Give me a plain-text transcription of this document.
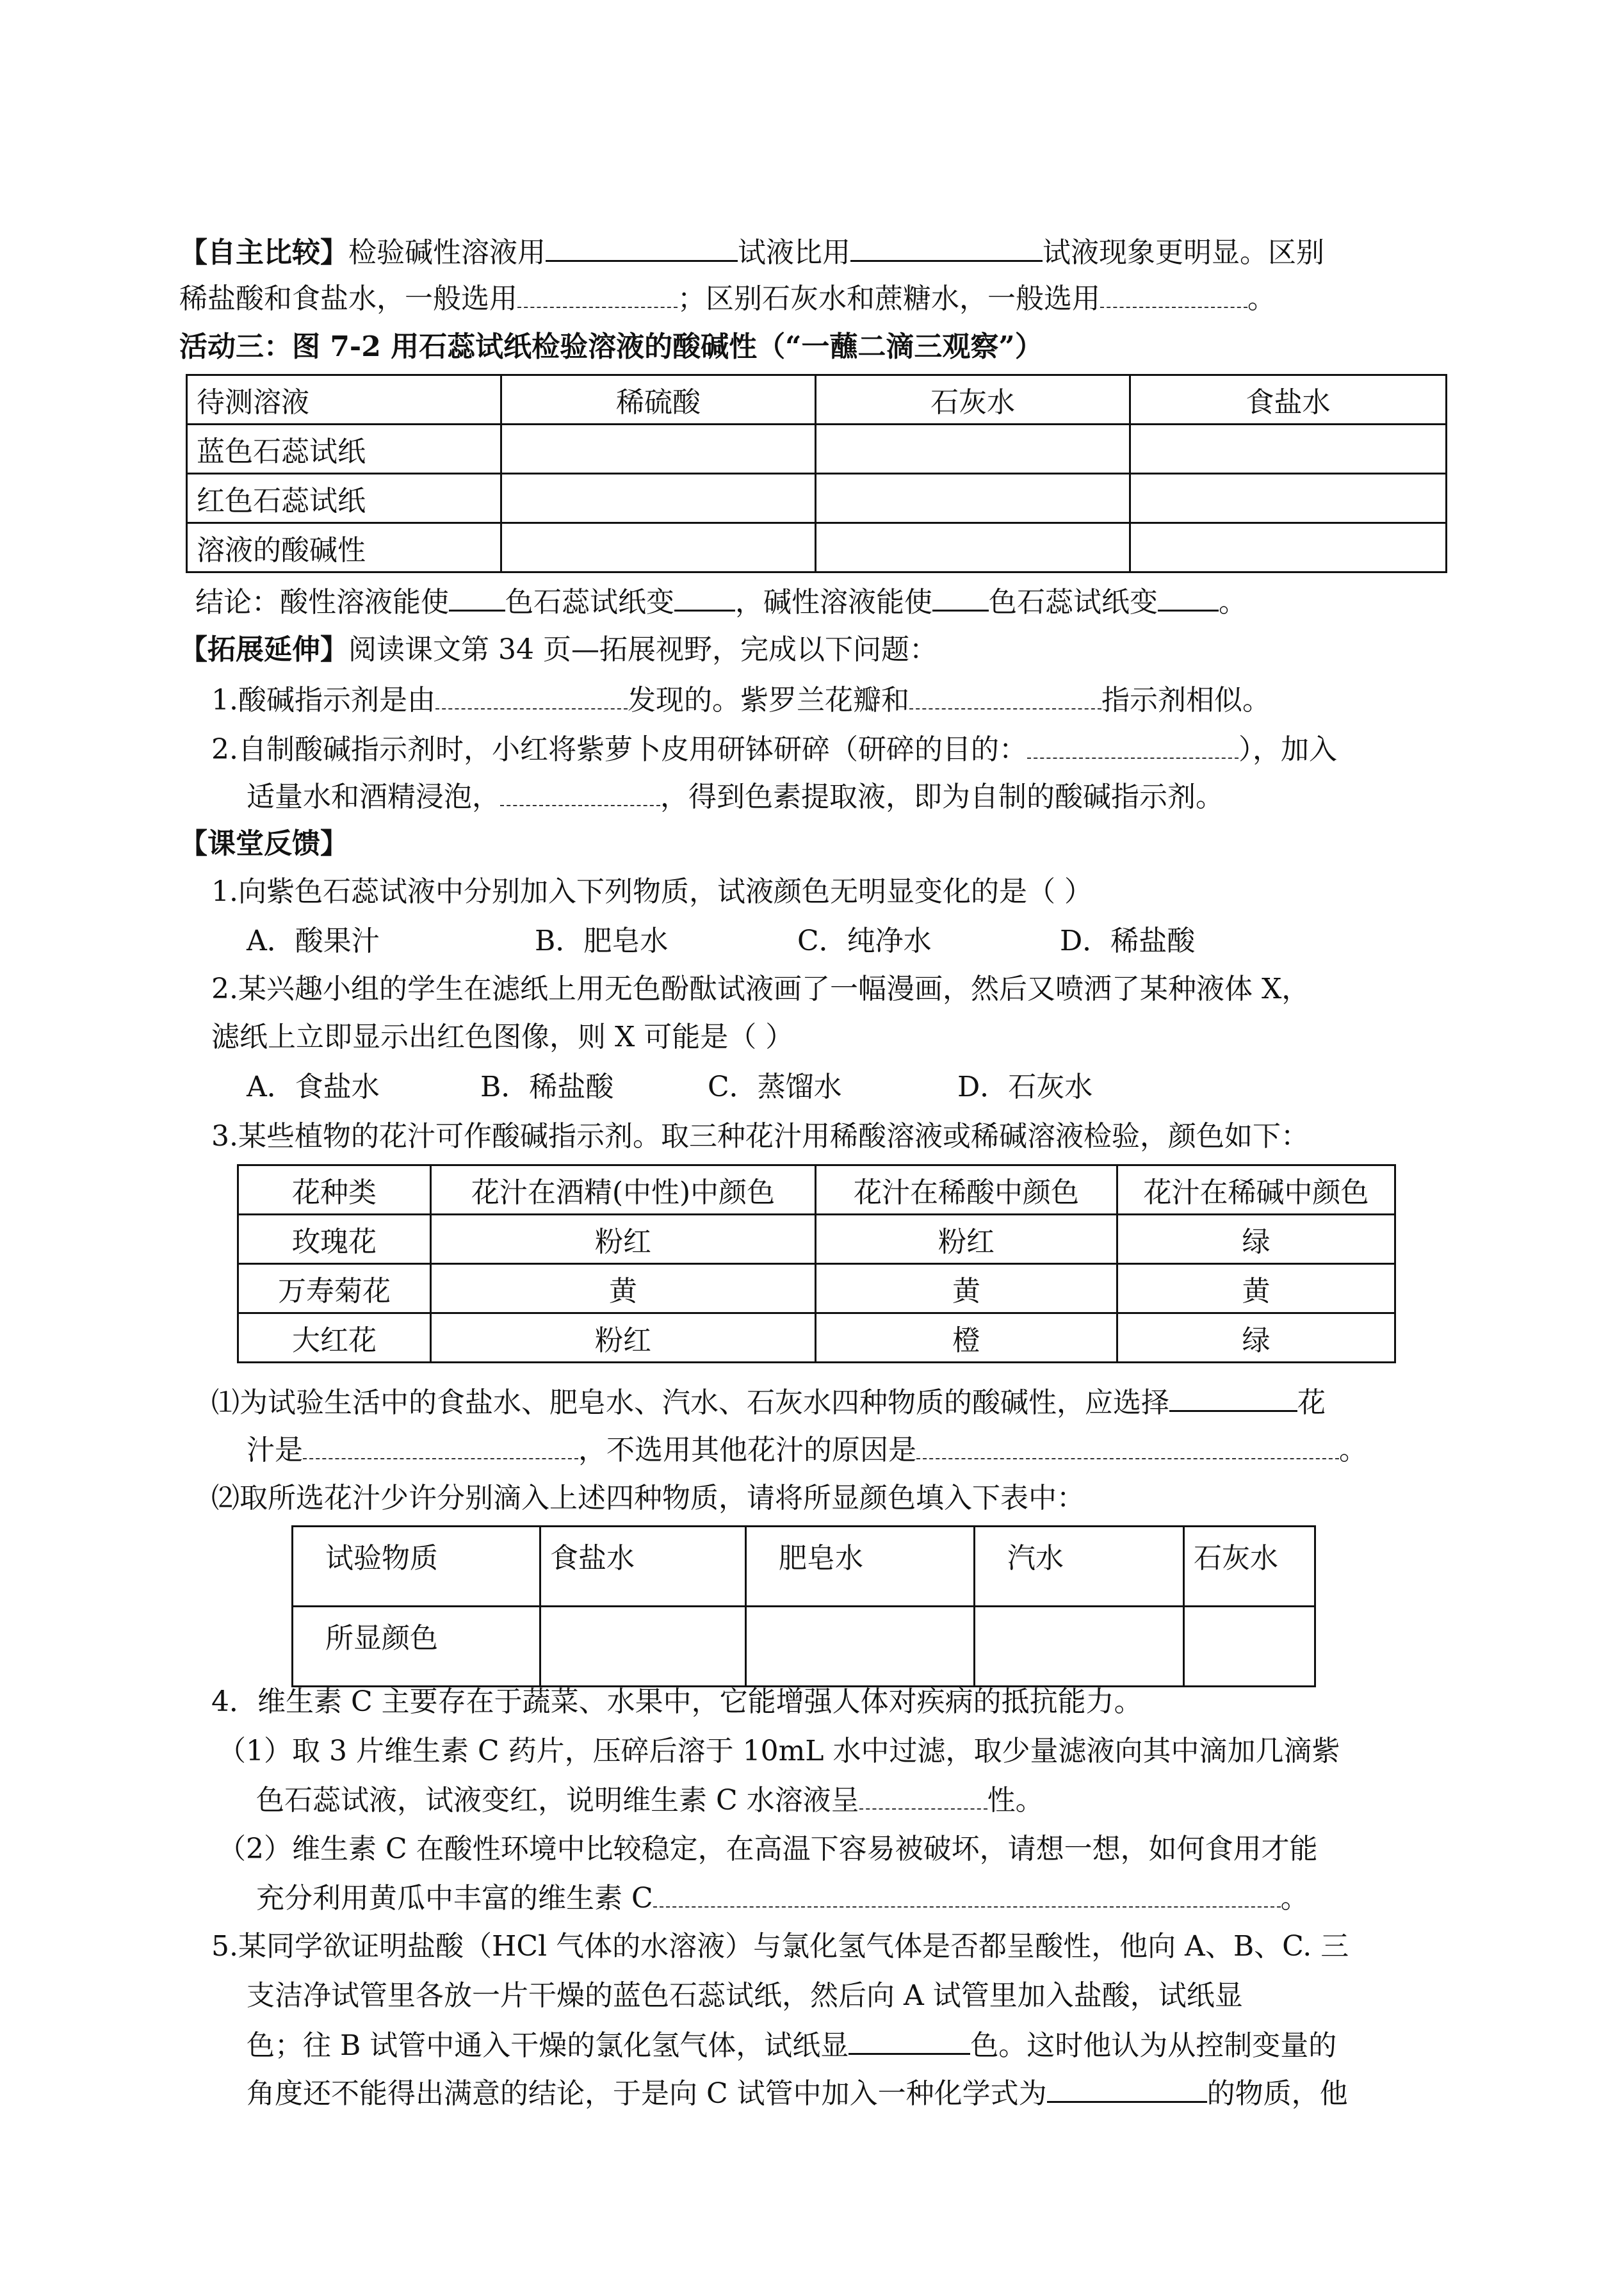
【自主比较】检验碱性溶液用	试液比用	试液现象更明显。区别
稀盐酸和食盐水，一般选用	；区别石灰水和蔗糖水，一般选用	。
活动三：图 7-2 用石蕊试纸检验溶液的酸碱性（“一蘸二滴三观察”）
待测溶液	稀硫酸	石灰水	食盐水
蓝色石蕊试纸			
红色石蕊试纸			
溶液的酸碱性			
结论：酸性溶液能使 色石蕊试纸变 ，碱性溶液能使 色石蕊试纸变 。
【拓展延伸】阅读课文第 34 页—拓展视野，完成以下问题：
1.酸碱指示剂是由	发现的。紫罗兰花瓣和	指示剂相似。
2.自制酸碱指示剂时，小红将紫萝卜皮用研钵研碎（研碎的目的：	），加入
适量水和酒精浸泡，	，得到色素提取液，即为自制的酸碱指示剂。
【课堂反馈】
1.向紫色石蕊试液中分别加入下列物质，试液颜色无明显变化的是（ ）
A．酸果汁	B．肥皂水	C．纯净水	D．稀盐酸
2.某兴趣小组的学生在滤纸上用无色酚酞试液画了一幅漫画，然后又喷洒了某种液体 X，
滤纸上立即显示出红色图像，则 X 可能是（ ）
A．食盐水	B．稀盐酸	C．蒸馏水	D．石灰水
3.某些植物的花汁可作酸碱指示剂。取三种花汁用稀酸溶液或稀碱溶液检验，颜色如下：
花种类	花汁在酒精(中性)中颜色	花汁在稀酸中颜色	花汁在稀碱中颜色
玫瑰花	粉红	粉红	绿
万寿菊花	黄	黄	黄
大红花	粉红	橙	绿
⑴为试验生活中的食盐水、肥皂水、汽水、石灰水四种物质的酸碱性，应选择	花
汁是	，不选用其他花汁的原因是	。
⑵取所选花汁少许分别滴入上述四种物质，请将所显颜色填入下表中：
试验物质	食盐水	肥皂水	汽水	石灰水
所显颜色				
4．维生素 C 主要存在于蔬菜、水果中，它能增强人体对疾病的抵抗能力。
（1）取 3 片维生素 C 药片，压碎后溶于 10mL 水中过滤，取少量滤液向其中滴加几滴紫
色石蕊试液，试液变红，说明维生素 C 水溶液呈	性。
（2）维生素 C 在酸性环境中比较稳定，在高温下容易被破坏，请想一想，如何食用才能
充分利用黄瓜中丰富的维生素 C	。
5.某同学欲证明盐酸（HCl 气体的水溶液）与氯化氢气体是否都呈酸性，他向 A、B、C. 三
支洁净试管里各放一片干燥的蓝色石蕊试纸，然后向 A 试管里加入盐酸，试纸显
色；往 B 试管中通入干燥的氯化氢气体，试纸显	色。这时他认为从控制变量的
角度还不能得出满意的结论，于是向 C 试管中加入一种化学式为	的物质，他
